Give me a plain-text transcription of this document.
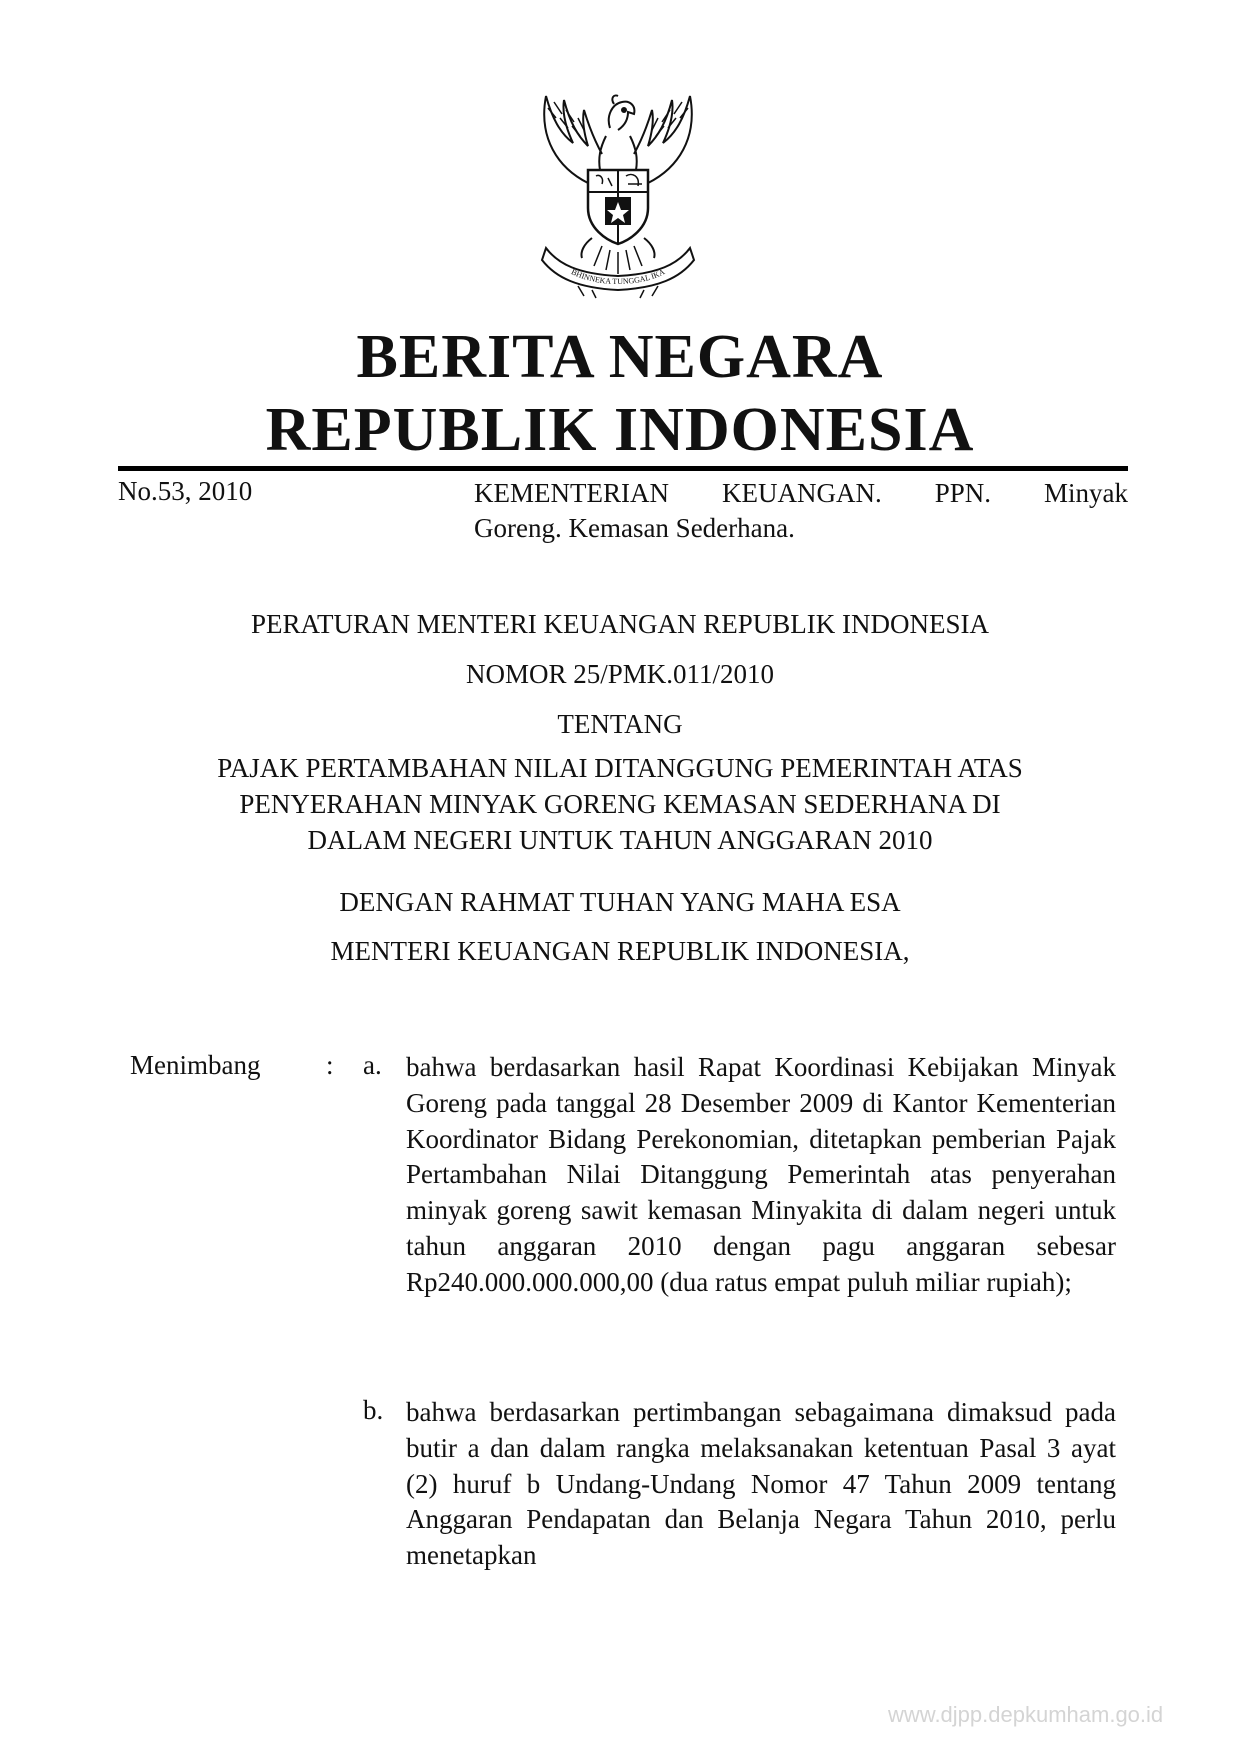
BHINNEKA TUNGGAL IKA
BERITA NEGARA
REPUBLIK INDONESIA
No.53, 2010	KEMENTERIAN KEUANGAN. PPN. Minyak
Goreng. Kemasan Sederhana.
PERATURAN MENTERI KEUANGAN REPUBLIK INDONESIA
NOMOR 25/PMK.011/2010
TENTANG
PAJAK PERTAMBAHAN NILAI DITANGGUNG PEMERINTAH ATAS
PENYERAHAN MINYAK GORENG KEMASAN SEDERHANA DI
DALAM NEGERI UNTUK TAHUN ANGGARAN 2010
DENGAN RAHMAT TUHAN YANG MAHA ESA
MENTERI KEUANGAN REPUBLIK INDONESIA,
Menimbang : a. bahwa berdasarkan hasil Rapat Koordinasi Kebijakan Minyak Goreng pada tanggal 28 Desember 2009 di Kantor Kementerian Koordinator Bidang Perekonomian, ditetapkan pemberian Pajak Pertambahan Nilai Ditanggung Pemerintah atas penyerahan minyak goreng sawit kemasan Minyakita di dalam negeri untuk tahun anggaran 2010 dengan pagu anggaran sebesar Rp240.000.000.000,00 (dua ratus empat puluh miliar rupiah);
b. bahwa berdasarkan pertimbangan sebagaimana dimaksud pada butir a dan dalam rangka melaksanakan ketentuan Pasal 3 ayat (2) huruf b Undang-Undang Nomor 47 Tahun 2009 tentang Anggaran Pendapatan dan Belanja Negara Tahun 2010, perlu menetapkan
www.djpp.depkumham.go.id
